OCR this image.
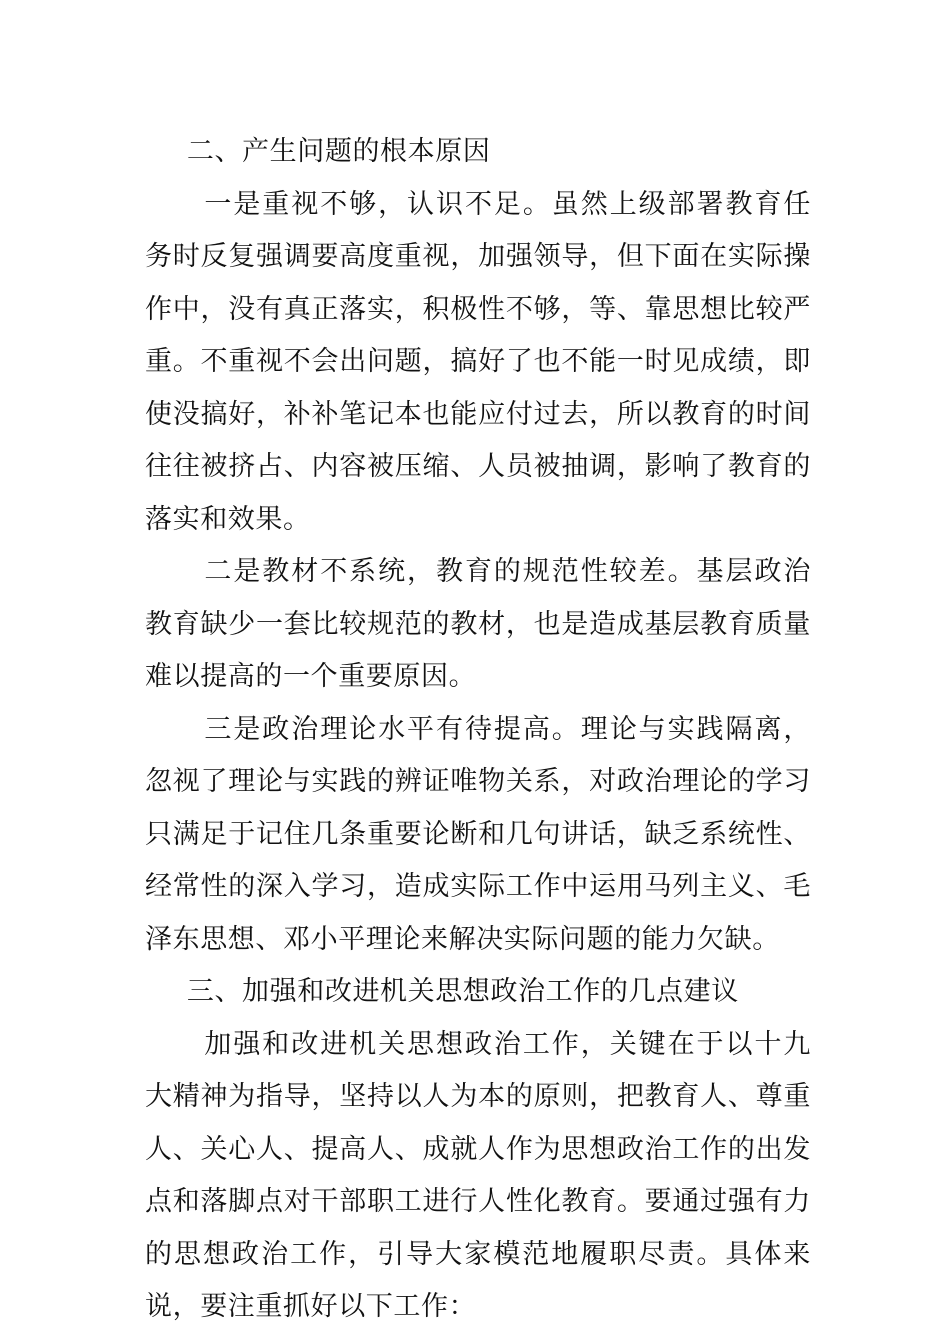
二、产生问题的根本原因

一是重视不够，认识不足。虽然上级部署教育任务时反复强调要高度重视，加强领导，但下面在实际操作中，没有真正落实，积极性不够，等、靠思想比较严重。不重视不会出问题，搞好了也不能一时见成绩，即使没搞好，补补笔记本也能应付过去，所以教育的时间往往被挤占、内容被压缩、人员被抽调，影响了教育的落实和效果。

二是教材不系统，教育的规范性较差。基层政治教育缺少一套比较规范的教材，也是造成基层教育质量难以提高的一个重要原因。

三是政治理论水平有待提高。理论与实践隔离，忽视了理论与实践的辨证唯物关系，对政治理论的学习只满足于记住几条重要论断和几句讲话，缺乏系统性、经常性的深入学习，造成实际工作中运用马列主义、毛泽东思想、邓小平理论来解决实际问题的能力欠缺。

三、加强和改进机关思想政治工作的几点建议

加强和改进机关思想政治工作，关键在于以十九大精神为指导，坚持以人为本的原则，把教育人、尊重人、关心人、提高人、成就人作为思想政治工作的出发点和落脚点对干部职工进行人性化教育。要通过强有力的思想政治工作，引导大家模范地履职尽责。具体来说，要注重抓好以下工作：
